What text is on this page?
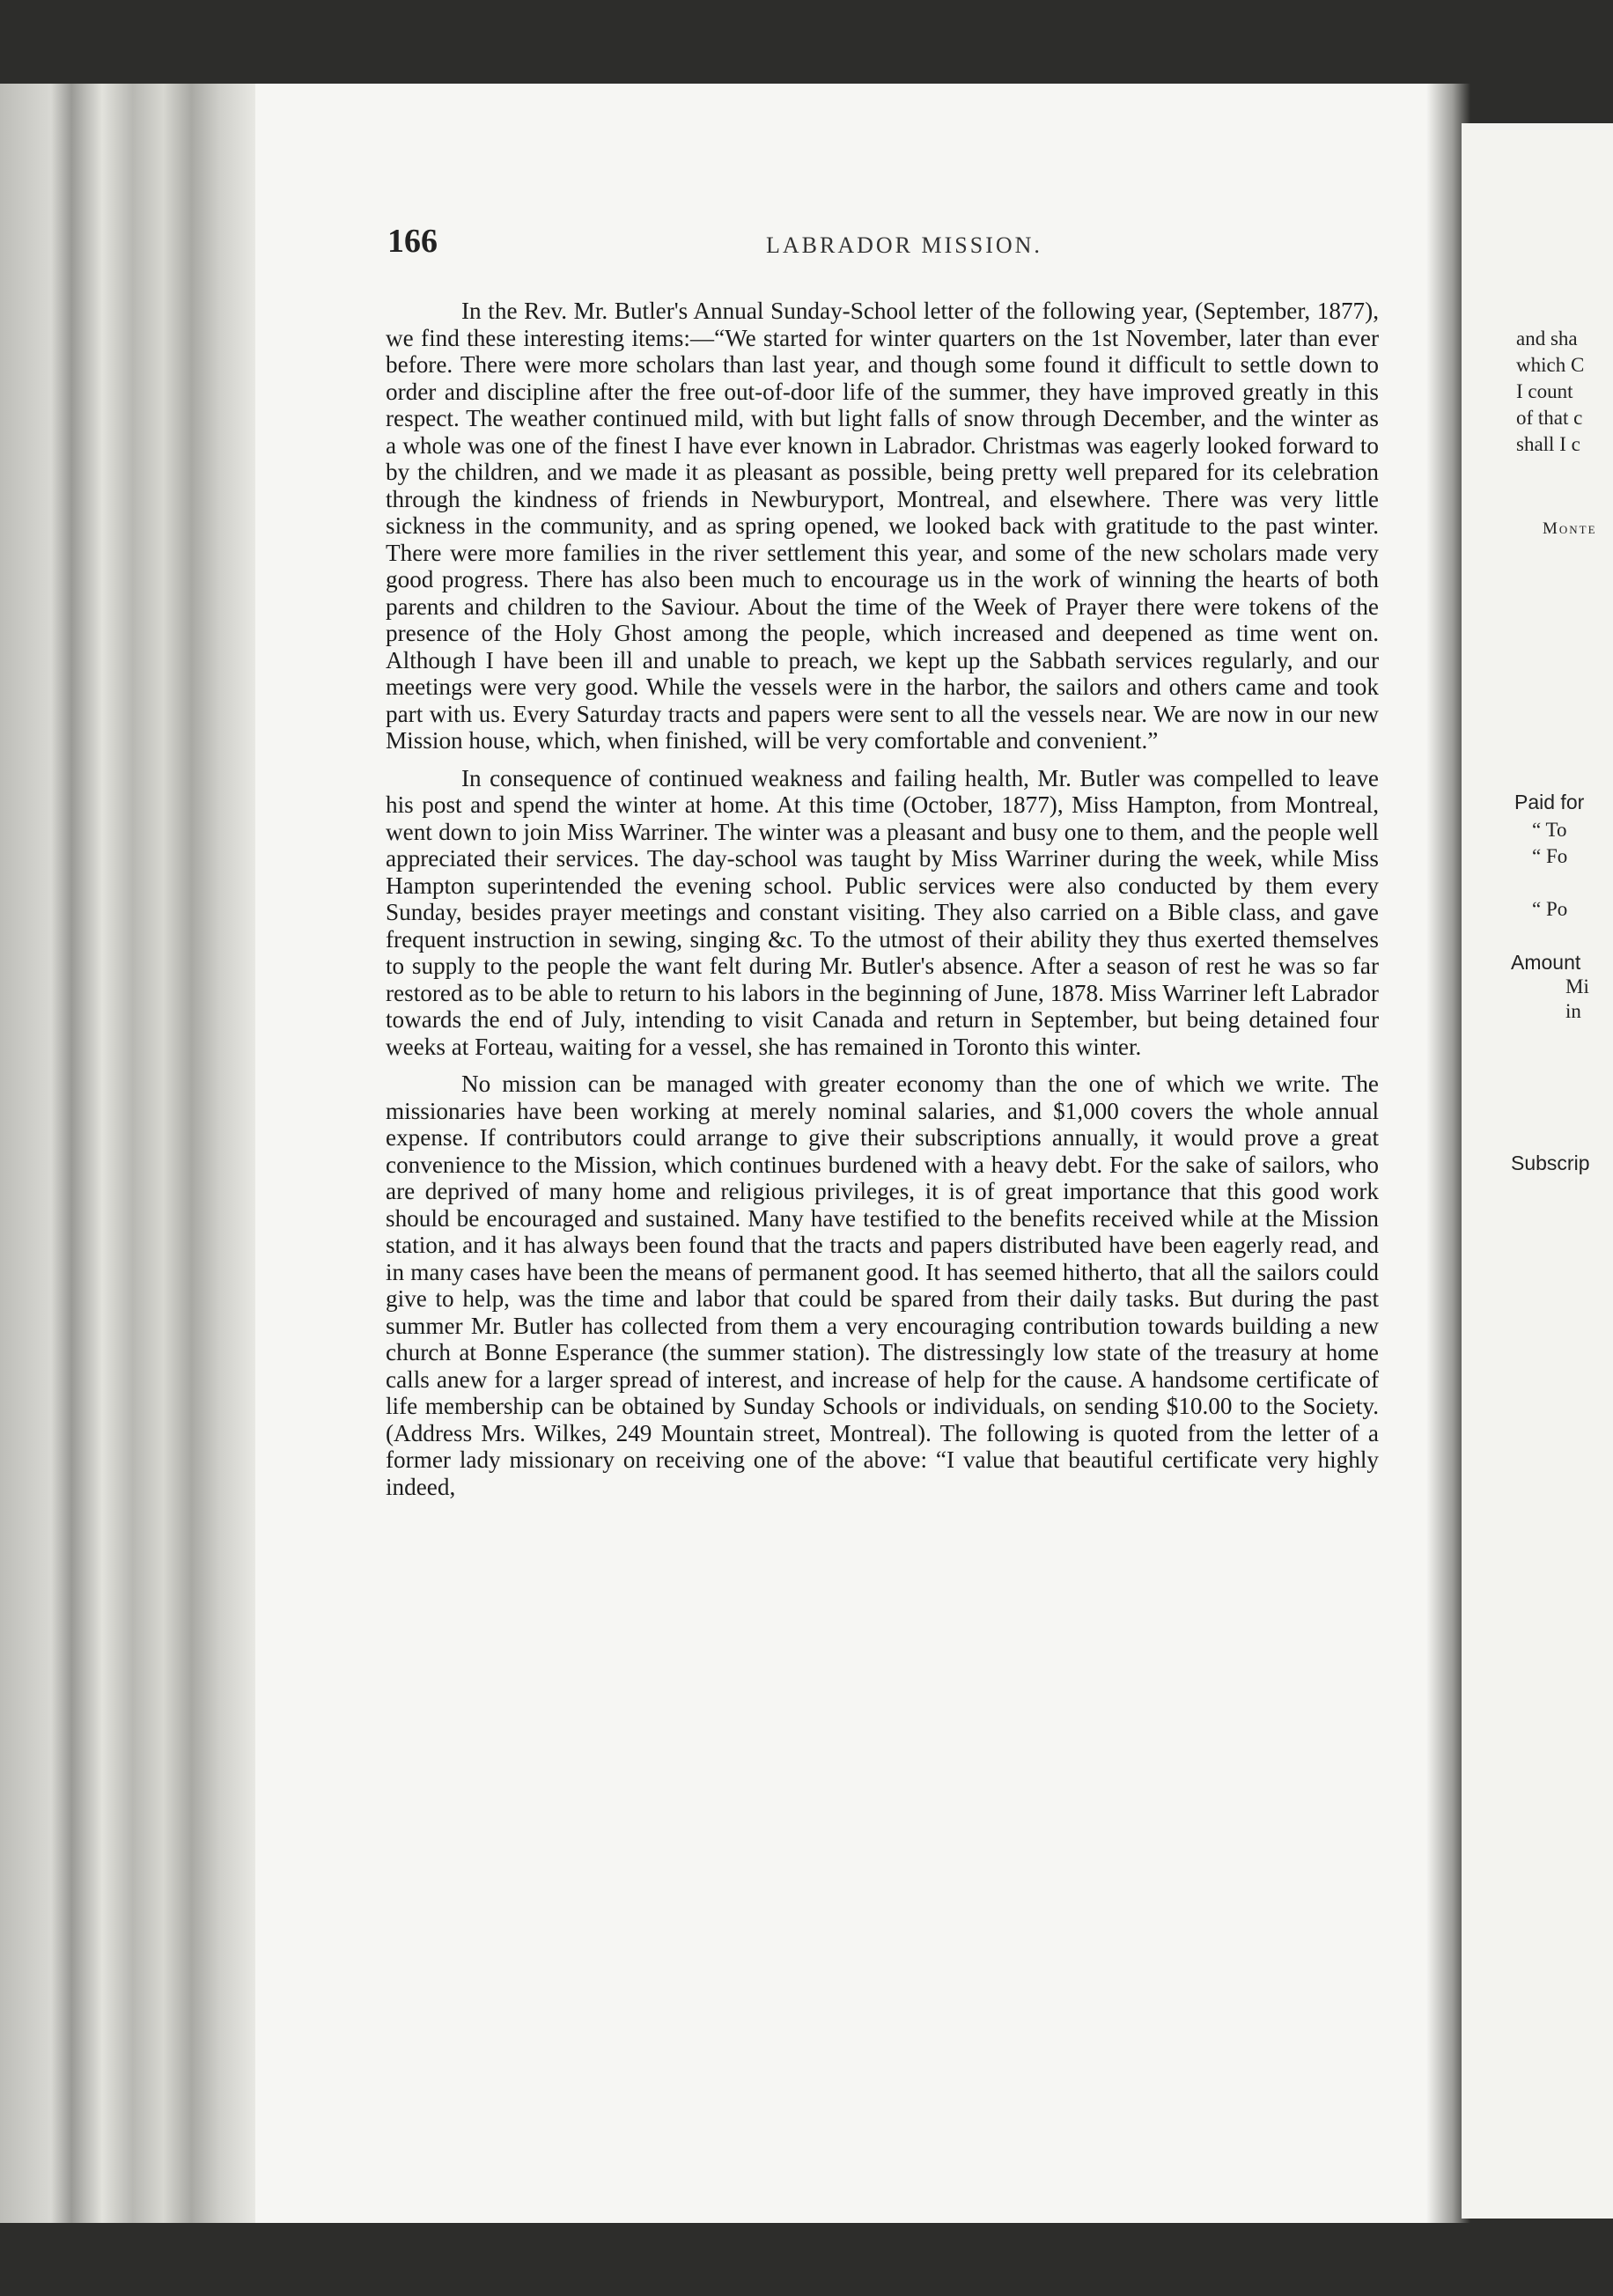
166	LABRADOR MISSION.

In the Rev. Mr. Butler's Annual Sunday-School letter of the following year, (September, 1877), we find these interesting items:—“We started for winter quarters on the 1st November, later than ever before. There were more scholars than last year, and though some found it difficult to settle down to order and discipline after the free out-of-door life of the summer, they have improved greatly in this respect. The weather continued mild, with but light falls of snow through December, and the winter as a whole was one of the finest I have ever known in Labrador. Christmas was eagerly looked forward to by the children, and we made it as pleasant as possible, being pretty well prepared for its celebration through the kindness of friends in Newburyport, Montreal, and elsewhere. There was very little sickness in the community, and as spring opened, we looked back with gratitude to the past winter. There were more families in the river settlement this year, and some of the new scholars made very good progress. There has also been much to encourage us in the work of winning the hearts of both parents and children to the Saviour. About the time of the Week of Prayer there were tokens of the presence of the Holy Ghost among the people, which increased and deepened as time went on. Although I have been ill and unable to preach, we kept up the Sabbath services regularly, and our meetings were very good. While the vessels were in the harbor, the sailors and others came and took part with us. Every Saturday tracts and papers were sent to all the vessels near. We are now in our new Mission house, which, when finished, will be very comfortable and convenient.”

In consequence of continued weakness and failing health, Mr. Butler was compelled to leave his post and spend the winter at home. At this time (October, 1877), Miss Hampton, from Montreal, went down to join Miss Warriner. The winter was a pleasant and busy one to them, and the people well appreciated their services. The day-school was taught by Miss Warriner during the week, while Miss Hampton superintended the evening school. Public services were also conducted by them every Sunday, besides prayer meetings and constant visiting. They also carried on a Bible class, and gave frequent instruction in sewing, singing &c. To the utmost of their ability they thus exerted themselves to supply to the people the want felt during Mr. Butler's absence. After a season of rest he was so far restored as to be able to return to his labors in the beginning of June, 1878. Miss Warriner left Labrador towards the end of July, intending to visit Canada and return in September, but being detained four weeks at Forteau, waiting for a vessel, she has remained in Toronto this winter.

No mission can be managed with greater economy than the one of which we write. The missionaries have been working at merely nominal salaries, and $1,000 covers the whole annual expense. If contributors could arrange to give their subscriptions annually, it would prove a great convenience to the Mission, which continues burdened with a heavy debt. For the sake of sailors, who are deprived of many home and religious privileges, it is of great importance that this good work should be encouraged and sustained. Many have testified to the benefits received while at the Mission station, and it has always been found that the tracts and papers distributed have been eagerly read, and in many cases have been the means of permanent good. It has seemed hitherto, that all the sailors could give to help, was the time and labor that could be spared from their daily tasks. But during the past summer Mr. Butler has collected from them a very encouraging contribution towards building a new church at Bonne Esperance (the summer station). The distressingly low state of the treasury at home calls anew for a larger spread of interest, and increase of help for the cause. A handsome certificate of life membership can be obtained by Sunday Schools or individuals, on sending $10.00 to the Society. (Address Mrs. Wilkes, 249 Mountain street, Montreal). The following is quoted from the letter of a former lady missionary on receiving one of the above: “I value that beautiful certificate very highly indeed,

and sha
which C
I count
of that c
shall I c
Monte
Paid for
“ To
“ Fo
“ Po
Amount
Mi
in
Subscrip
